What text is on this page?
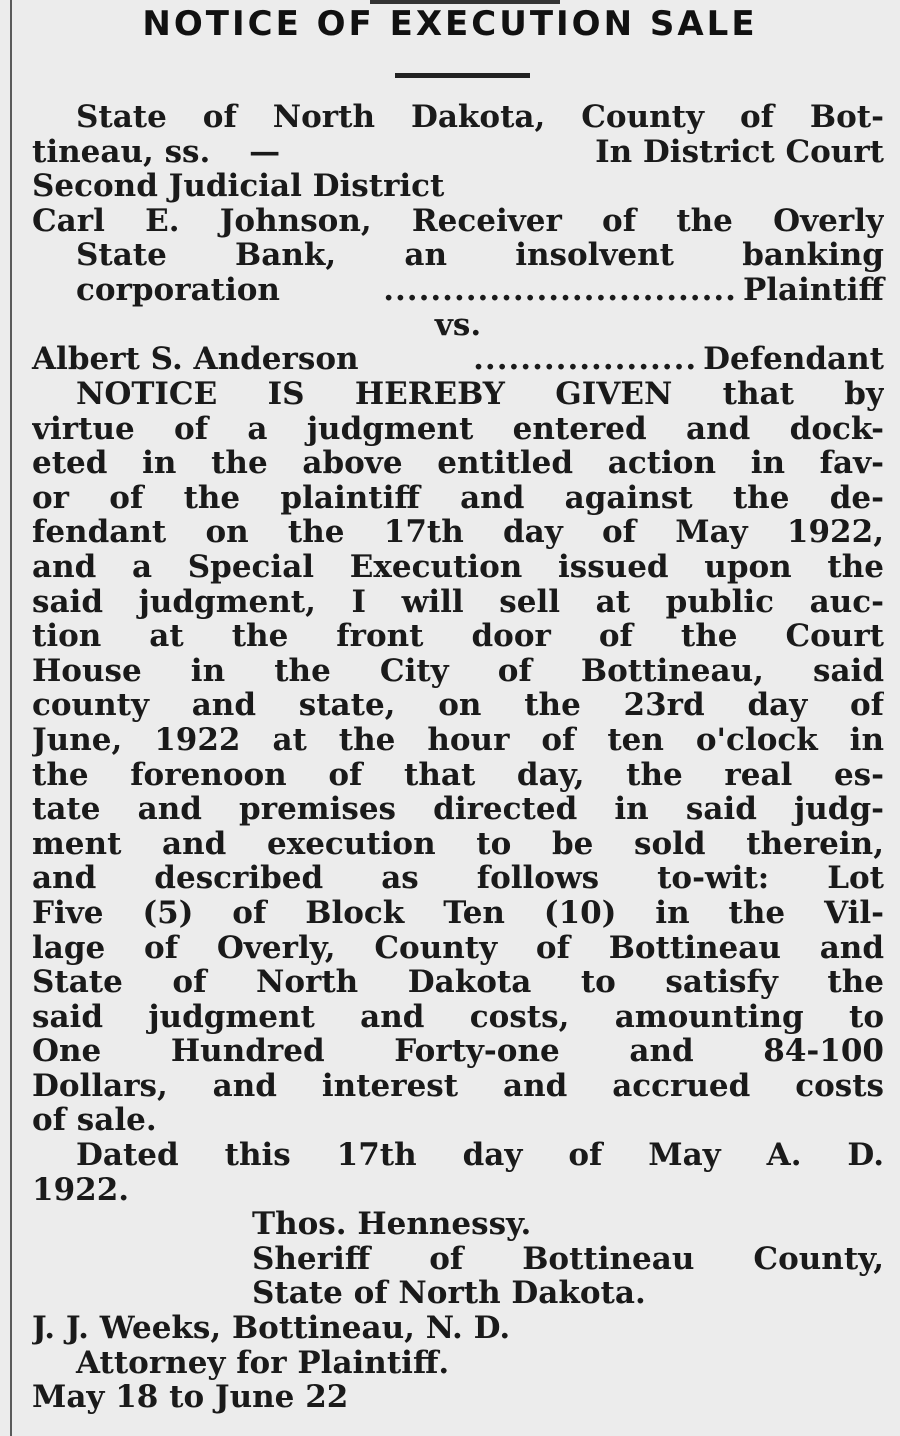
NOTICE OF EXECUTION SALE
State of North Dakota, County of Bot-
tineau, ss. —	In District Court
Second Judicial District
Carl E. Johnson, Receiver of the Overly
State Bank, an insolvent banking
corporation	.............................. Plaintiff
vs.
Albert S. Anderson	................... Defendant
NOTICE IS HEREBY GIVEN that by
virtue of a judgment entered and dock-
eted in the above entitled action in fav-
or of the plaintiff and against the de-
fendant on the 17th day of May 1922,
and a Special Execution issued upon the
said judgment, I will sell at public auc-
tion at the front door of the Court
House in the City of Bottineau, said
county and state, on the 23rd day of
June, 1922 at the hour of ten o'clock in
the forenoon of that day, the real es-
tate and premises directed in said judg-
ment and execution to be sold therein,
and described as follows to-wit: Lot
Five (5) of Block Ten (10) in the Vil-
lage of Overly, County of Bottineau and
State of North Dakota to satisfy the
said judgment and costs, amounting to
One Hundred Forty-one and 84-100
Dollars, and interest and accrued costs
of sale.
Dated this 17th day of May A. D.
1922.
Thos. Hennessy.
Sheriff of Bottineau County,
State of North Dakota.
J. J. Weeks, Bottineau, N. D.
Attorney for Plaintiff.
May 18 to June 22
